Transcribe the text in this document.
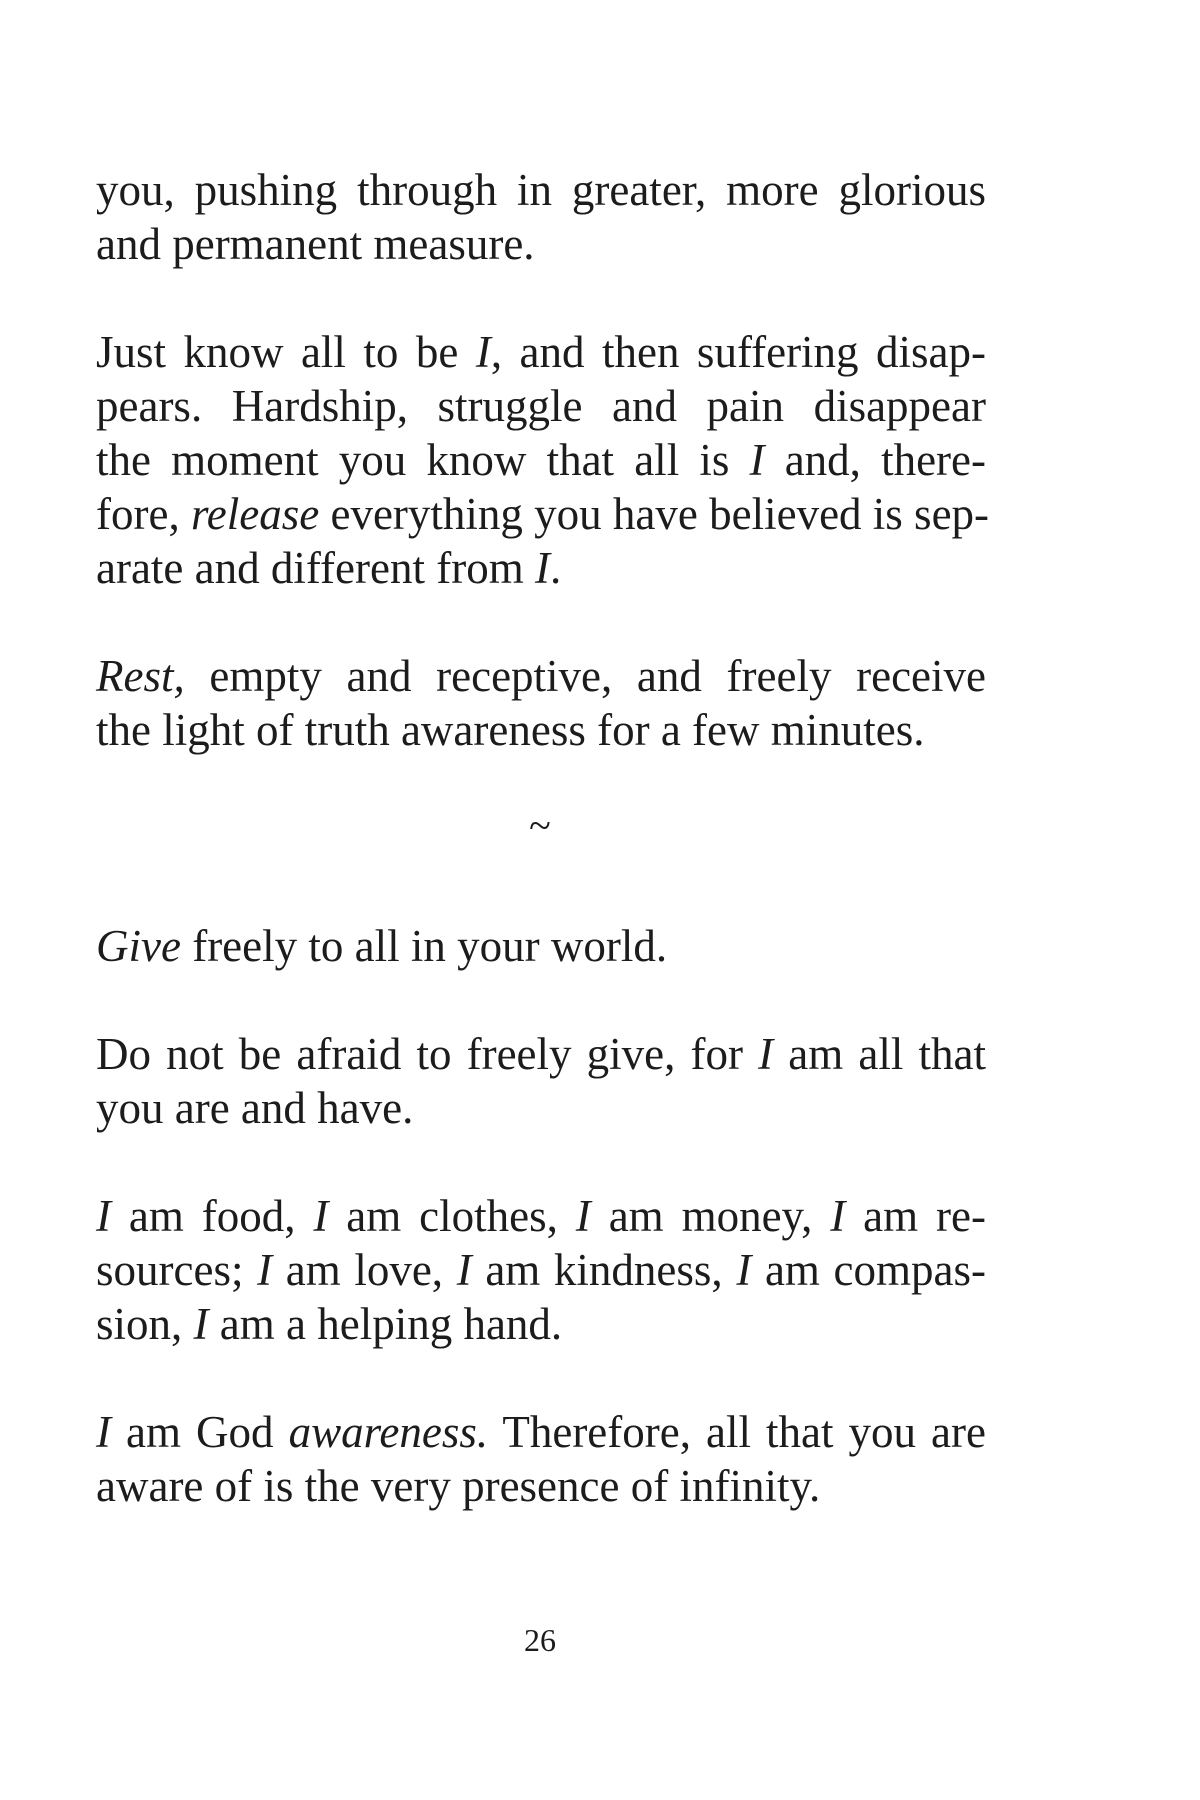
you, pushing through in greater, more glorious
and permanent measure.

Just know all to be I, and then suffering disap-
pears. Hardship, struggle and pain disappear
the moment you know that all is I and, there-
fore, release everything you have believed is sep-
arate and different from I.

Rest, empty and receptive, and freely receive
the light of truth awareness for a few minutes.

~

Give freely to all in your world.

Do not be afraid to freely give, for I am all that
you are and have.

I am food, I am clothes, I am money, I am re-
sources; I am love, I am kindness, I am compas-
sion, I am a helping hand.

I am God awareness. Therefore, all that you are
aware of is the very presence of infinity.

26
